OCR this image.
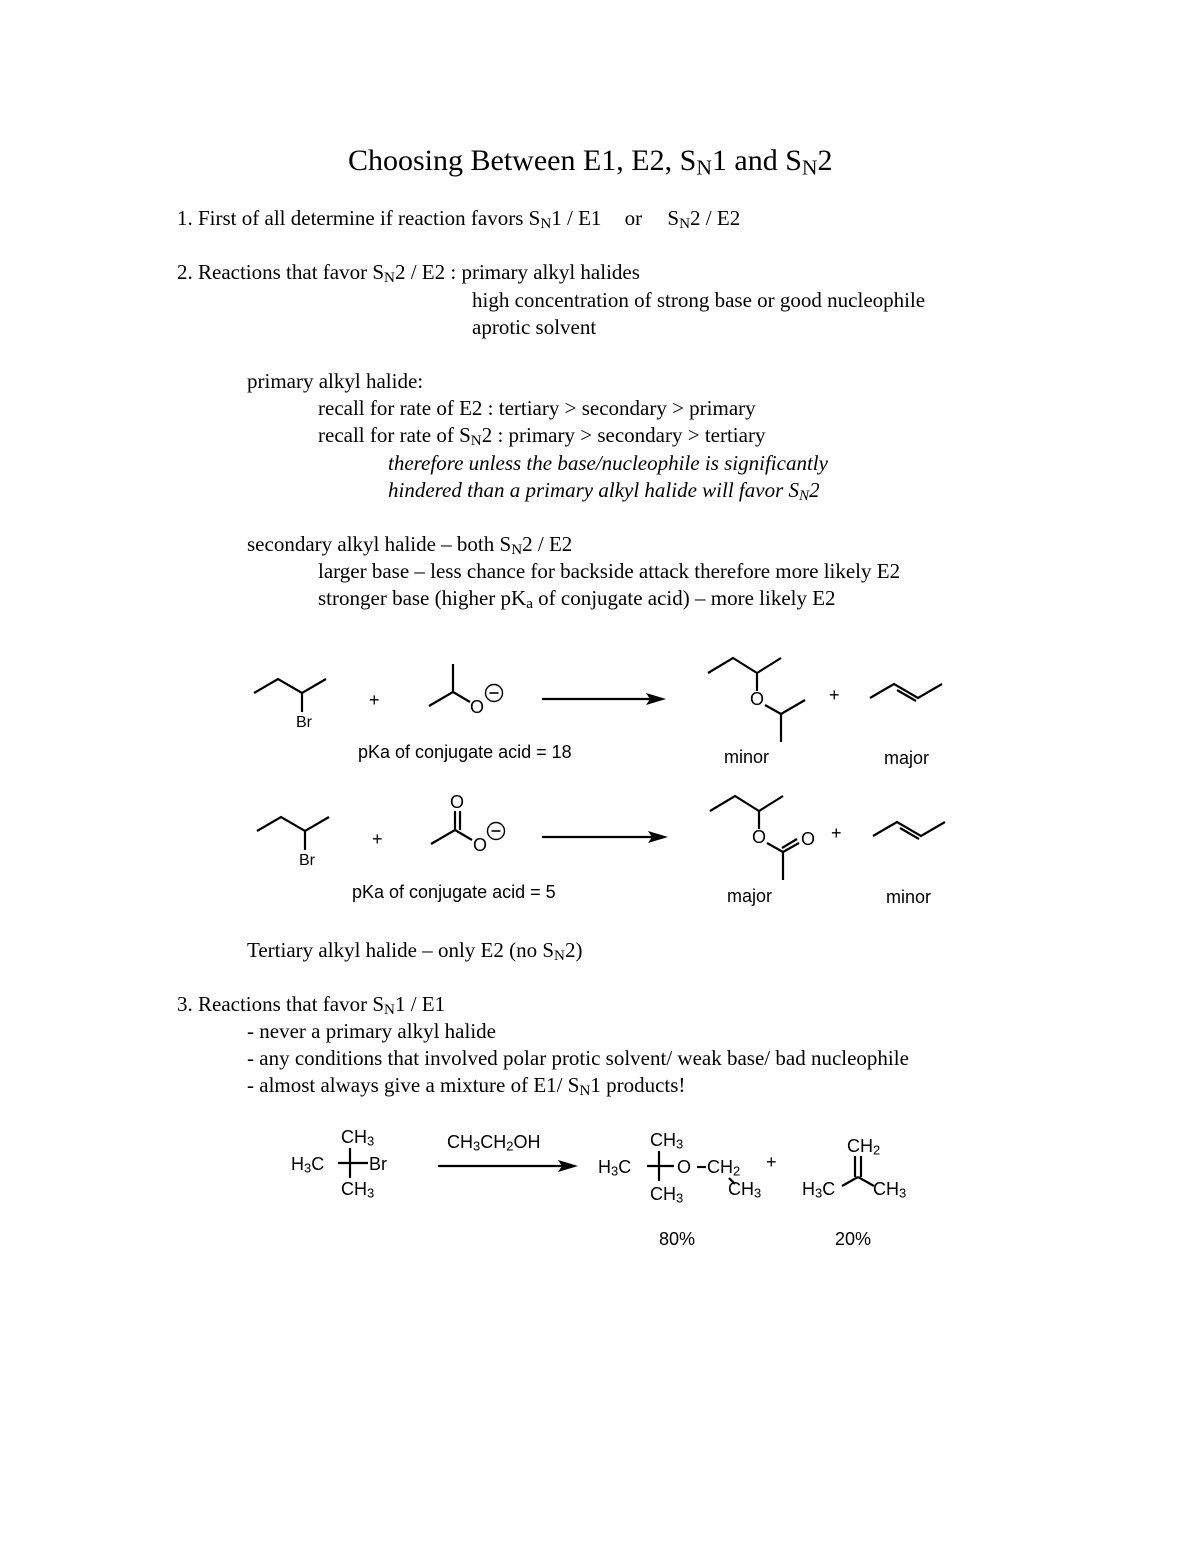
Choosing Between E1, E2, $S_N1$ and $S_N2$
1. First of all determine if reaction favors $S_N1 / E1$ or $S_N2 / E2$
2. Reactions that favor $S_N2 / E2$ : primary alkyl halides
high concentration of strong base or good nucleophile
aprotic solvent
primary alkyl halide:
recall for rate of E2 : tertiary > secondary > primary
recall for rate of $S_N2$ : primary > secondary > tertiary
therefore unless the base/nucleophile is significantly
hindered than a primary alkyl halide will favor $S_N2$
secondary alkyl halide – both $S_N2 / E2$
larger base – less chance for backside attack therefore more likely E2
stronger base (higher $pK_a$ of conjugate acid) – more likely E2
Br
+	O	O	+
pKa of conjugate acid = 18	minor	major
Br
+
O
O	O O +
pKa of conjugate acid = 5	major	minor
Tertiary alkyl halide – only E2 (no $S_N2$)
3. Reactions that favor $S_N1 / E1$
- never a primary alkyl halide
- any conditions that involved polar protic solvent/ weak base/ bad nucleophile
- almost always give a mixture of E1/ $S_N1$ products!
$CH_3$
$H_3C$ Br
$CH_3$
$CH_3CH_2OH$	$CH_3$
$H_3C$	O $CH_2$
$CH_3$
$CH_3$
+
$CH_2$
$H_3C$ $CH_3$
80%	20%
